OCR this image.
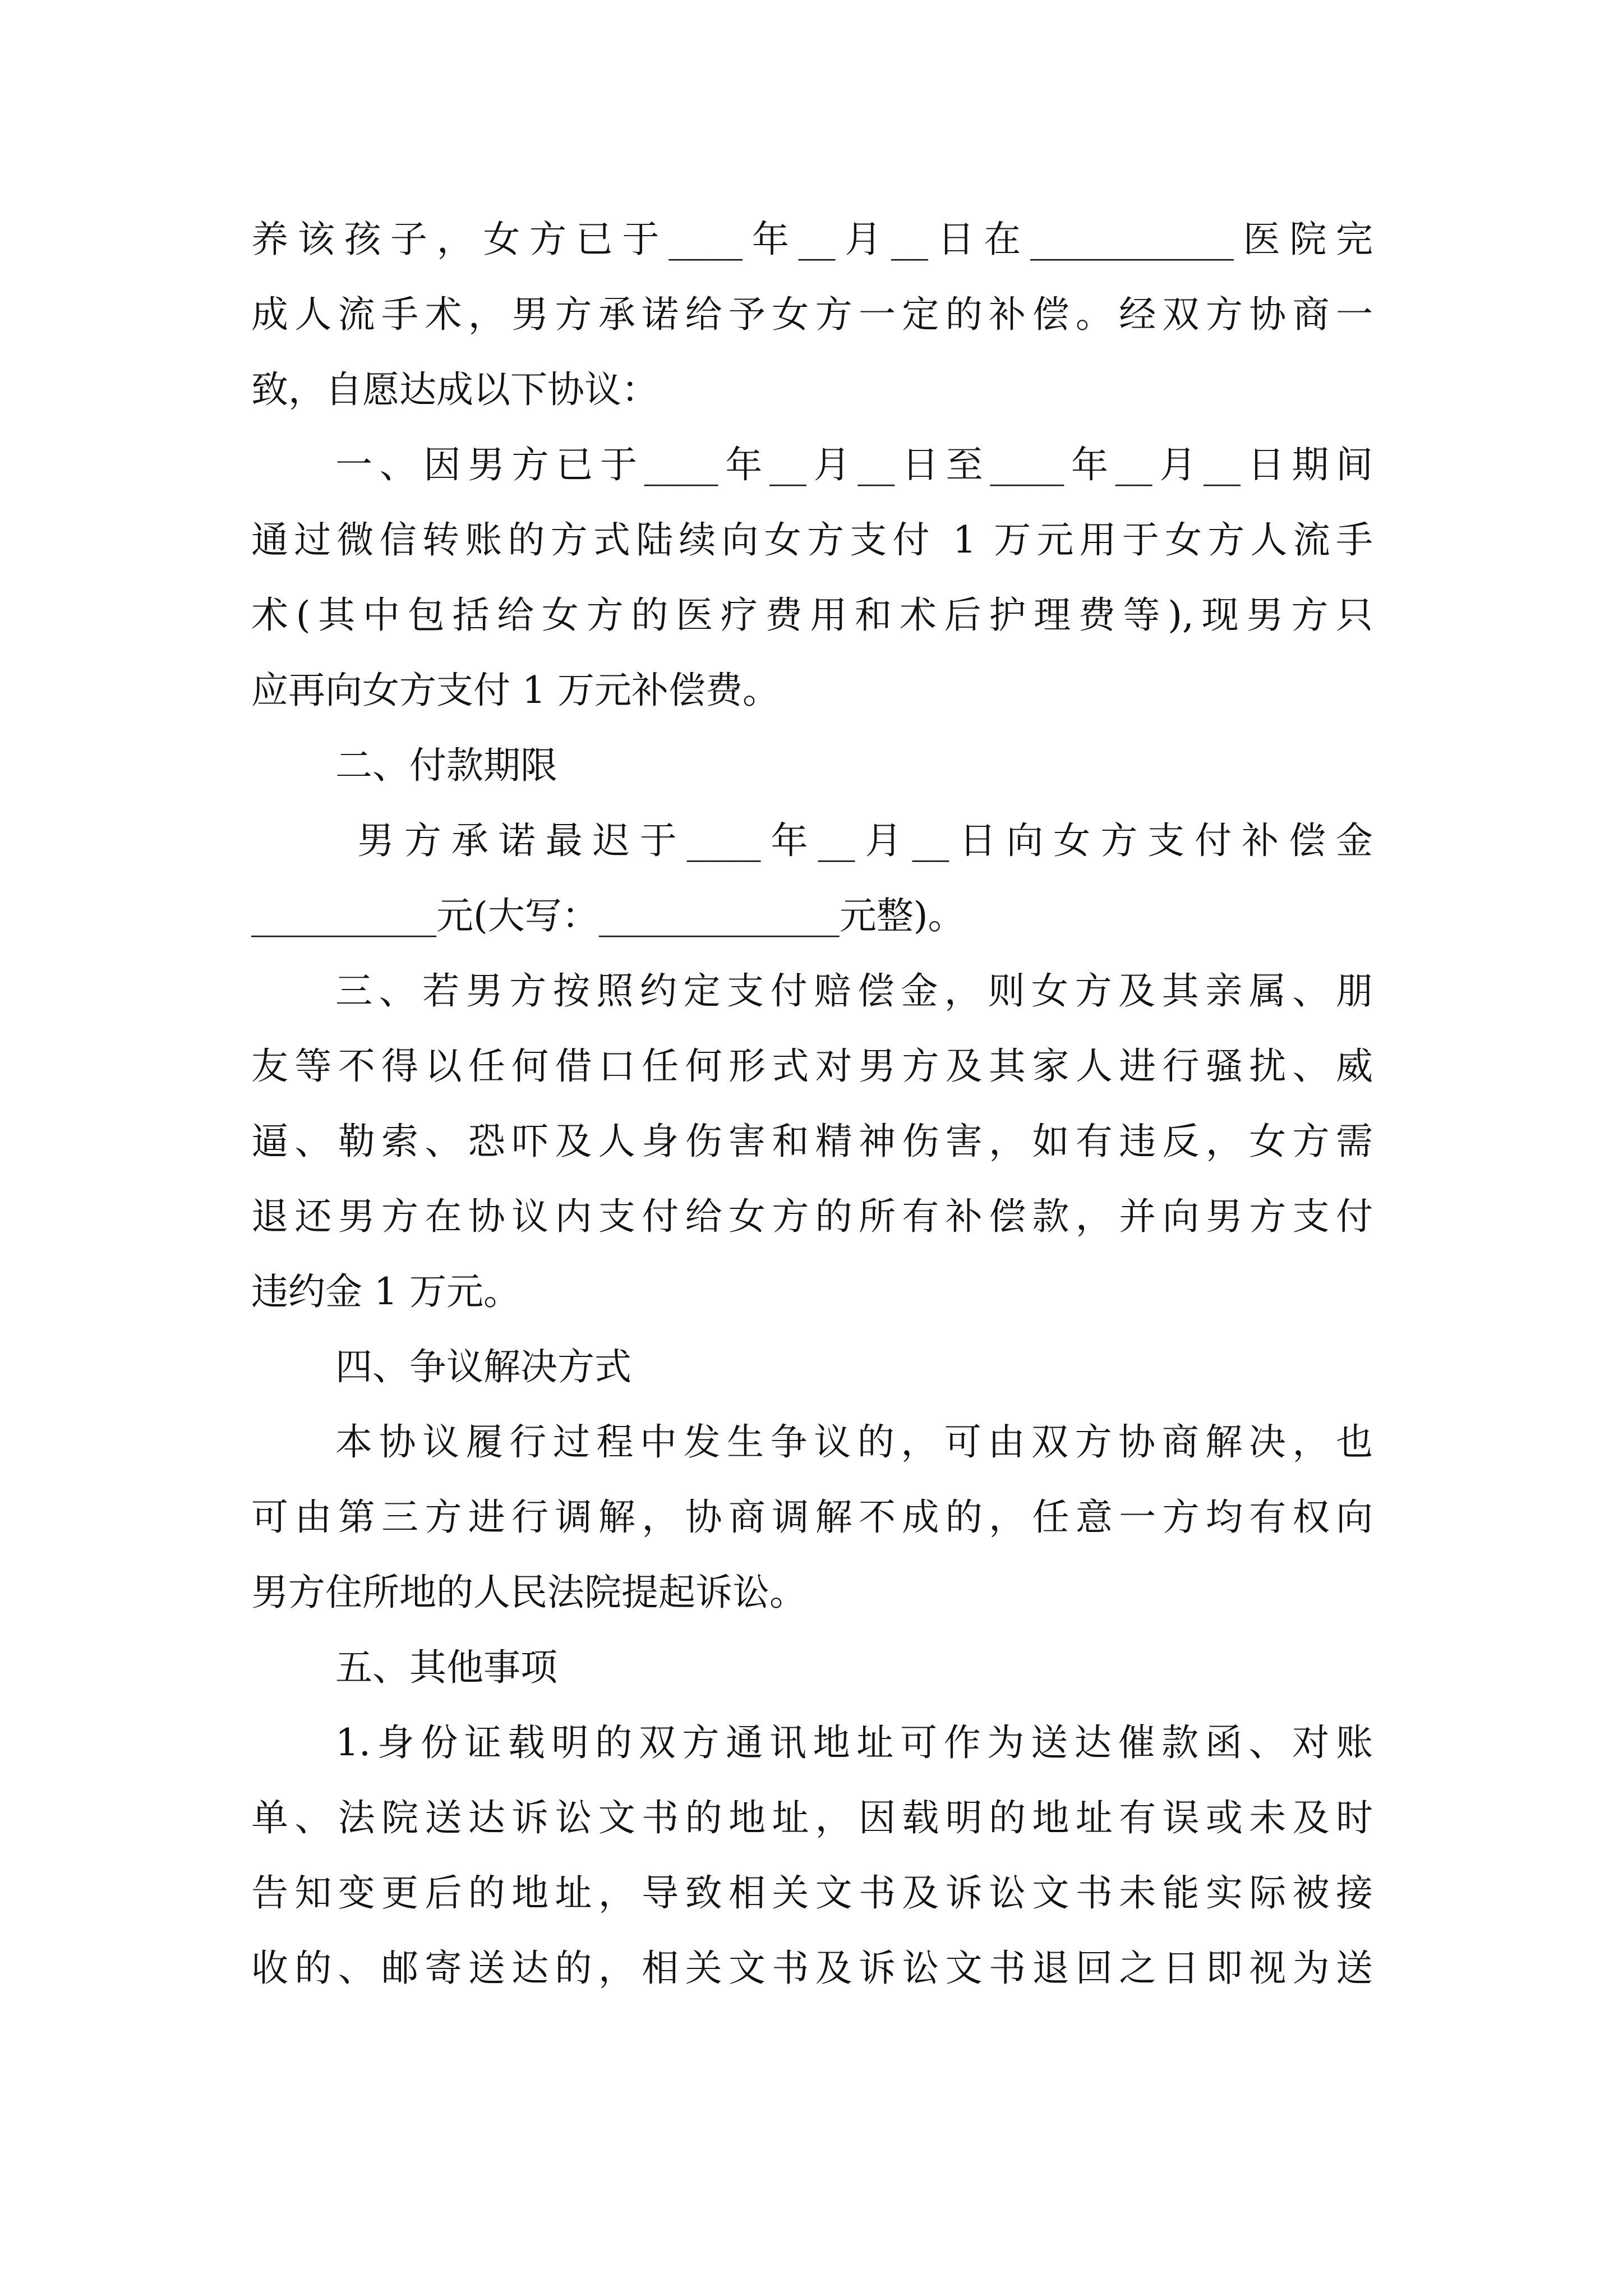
养该孩子，女方已于____年__月__日在___________医院完
成人流手术，男方承诺给予女方一定的补偿。经双方协商一
致，自愿达成以下协议：
一、因男方已于____年__月__日至____年__月__日期间
通过微信转账的方式陆续向女方支付 1 万元用于女方人流手
术(其中包括给女方的医疗费用和术后护理费等),现男方只
应再向女方支付 1 万元补偿费。
二、付款期限
男方承诺最迟于____年__月__日向女方支付补偿金
__________元(大写：_____________元整)。
三、若男方按照约定支付赔偿金，则女方及其亲属、朋
友等不得以任何借口任何形式对男方及其家人进行骚扰、威
逼、勒索、恐吓及人身伤害和精神伤害，如有违反，女方需
退还男方在协议内支付给女方的所有补偿款，并向男方支付
违约金 1 万元。
四、争议解决方式
本协议履行过程中发生争议的，可由双方协商解决，也
可由第三方进行调解，协商调解不成的，任意一方均有权向
男方住所地的人民法院提起诉讼。
五、其他事项
1.身份证载明的双方通讯地址可作为送达催款函、对账
单、法院送达诉讼文书的地址，因载明的地址有误或未及时
告知变更后的地址，导致相关文书及诉讼文书未能实际被接
收的、邮寄送达的，相关文书及诉讼文书退回之日即视为送
